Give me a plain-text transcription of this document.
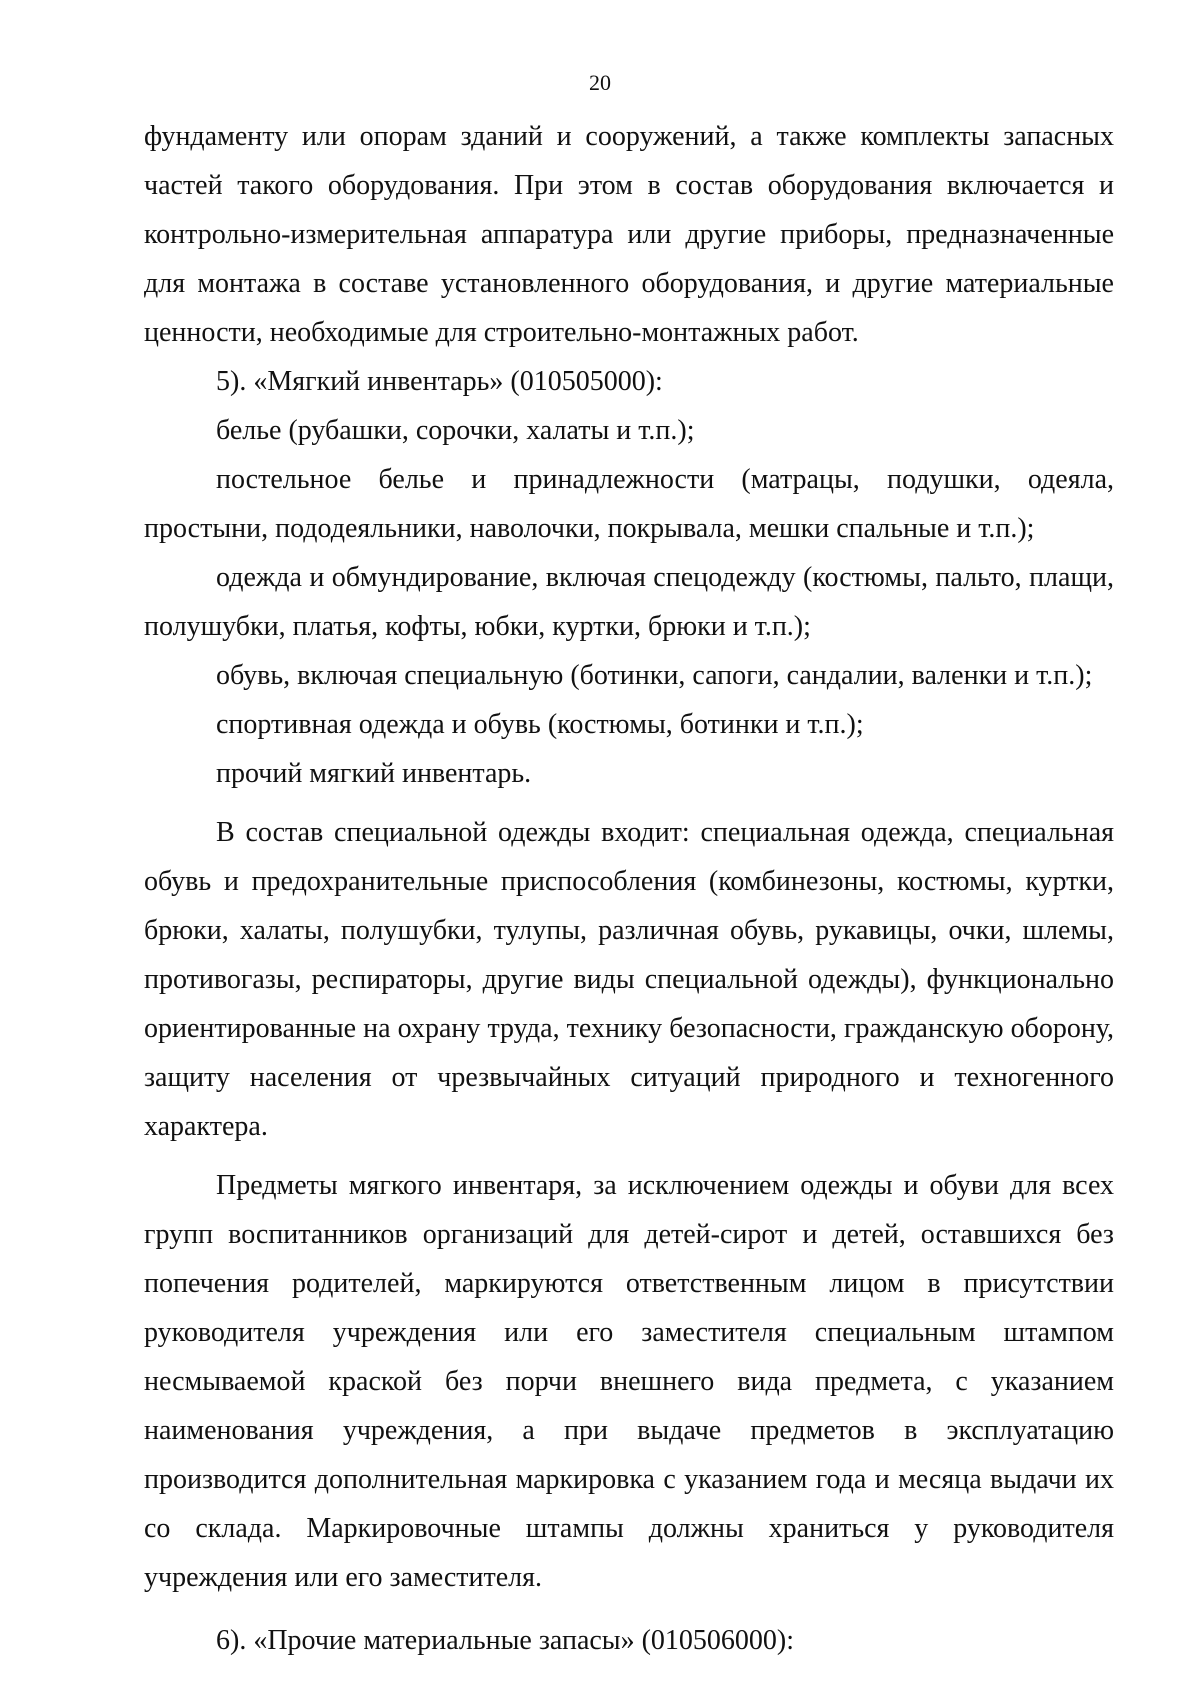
20

фундаменту или опорам зданий и сооружений, а также комплекты запасных частей такого оборудования. При этом в состав оборудования включается и контрольно-измерительная аппаратура или другие приборы, предназначенные для монтажа в составе установленного оборудования, и другие материальные ценности, необходимые для строительно-монтажных работ.

5). «Мягкий инвентарь» (010505000):

белье (рубашки, сорочки, халаты и т.п.);

постельное белье и принадлежности (матрацы, подушки, одеяла, простыни, пододеяльники, наволочки, покрывала, мешки спальные и т.п.);

одежда и обмундирование, включая спецодежду (костюмы, пальто, плащи, полушубки, платья, кофты, юбки, куртки, брюки и т.п.);

обувь, включая специальную (ботинки, сапоги, сандалии, валенки и т.п.);

спортивная одежда и обувь (костюмы, ботинки и т.п.);

прочий мягкий инвентарь.

В состав специальной одежды входит: специальная одежда, специальная обувь и предохранительные приспособления (комбинезоны, костюмы, куртки, брюки, халаты, полушубки, тулупы, различная обувь, рукавицы, очки, шлемы, противогазы, респираторы, другие виды специальной одежды), функционально ориентированные на охрану труда, технику безопасности, гражданскую оборону, защиту населения от чрезвычайных ситуаций природного и техногенного характера.

Предметы мягкого инвентаря, за исключением одежды и обуви для всех групп воспитанников организаций для детей-сирот и детей, оставшихся без попечения родителей, маркируются ответственным лицом в присутствии руководителя учреждения или его заместителя специальным штампом несмываемой краской без порчи внешнего вида предмета, с указанием наименования учреждения, а при выдаче предметов в эксплуатацию производится дополнительная маркировка с указанием года и месяца выдачи их со склада. Маркировочные штампы должны храниться у руководителя учреждения или его заместителя.

6). «Прочие материальные запасы» (010506000):
